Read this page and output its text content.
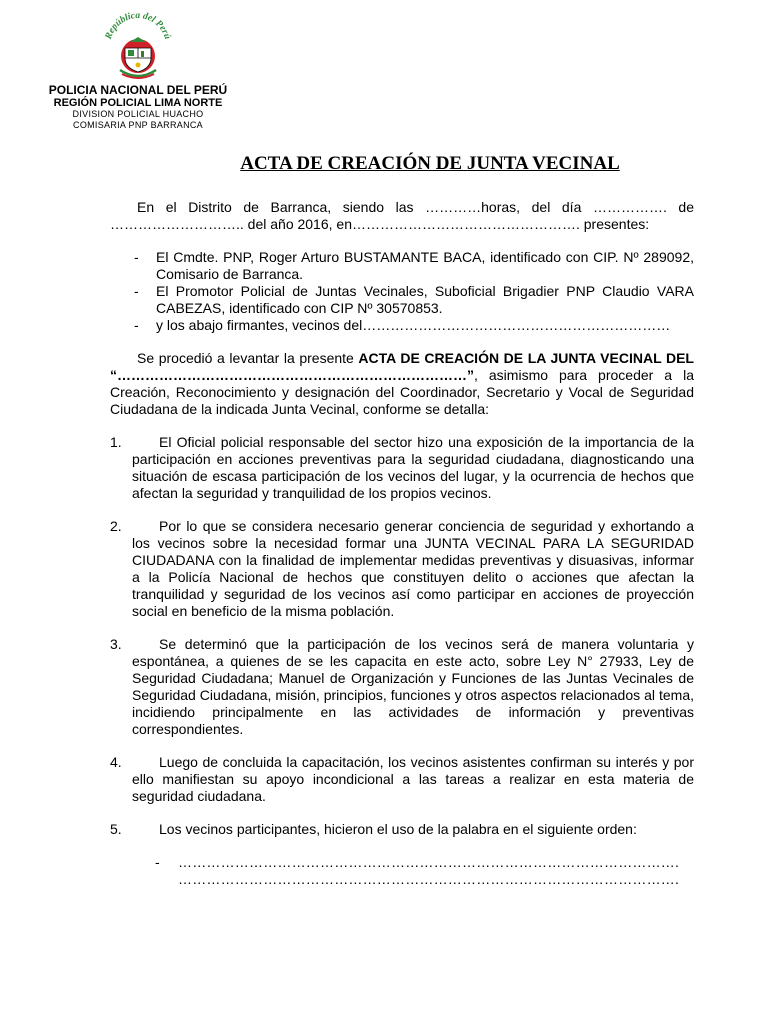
República del Perú
POLICIA NACIONAL DEL PERÚ
REGIÓN POLICIAL LIMA NORTE
DIVISION POLICIAL HUACHO
COMISARIA PNP BARRANCA
ACTA DE CREACIÓN DE JUNTA VECINAL

En el Distrito de Barranca, siendo las …………horas, del día ……………. de ……………………….. del año 2016, en…………………………………………. presentes:

- El Cmdte. PNP, Roger Arturo BUSTAMANTE BACA, identificado con CIP. Nº 289092, Comisario de Barranca.
- El Promotor Policial de Juntas Vecinales, Suboficial Brigadier PNP Claudio VARA CABEZAS, identificado con CIP Nº 30570853.
- y los abajo firmantes, vecinos del…………………………………………………………

Se procedió a levantar la presente ACTA DE CREACIÓN DE LA JUNTA VECINAL DEL “…………………………………………………………………”, asimismo para proceder a la Creación, Reconocimiento y designación del Coordinador, Secretario y Vocal de Seguridad Ciudadana de la indicada Junta Vecinal, conforme se detalla:

1.	El Oficial policial responsable del sector hizo una exposición de la importancia de la participación en acciones preventivas para la seguridad ciudadana, diagnosticando una situación de escasa participación de los vecinos del lugar, y la ocurrencia de hechos que afectan la seguridad y tranquilidad de los propios vecinos.
2.	Por lo que se considera necesario generar conciencia de seguridad y exhortando a los vecinos sobre la necesidad formar una JUNTA VECINAL PARA LA SEGURIDAD CIUDADANA con la finalidad de implementar medidas preventivas y disuasivas, informar a la Policía Nacional de hechos que constituyen delito o acciones que afectan la tranquilidad y seguridad de los vecinos así como participar en acciones de proyección social en beneficio de la misma población.
3.	Se determinó que la participación de los vecinos será de manera voluntaria y espontánea, a quienes de se les capacita en este acto, sobre Ley N° 27933, Ley de Seguridad Ciudadana; Manuel de Organización y Funciones de las Juntas Vecinales de Seguridad Ciudadana, misión, principios, funciones y otros aspectos relacionados al tema, incidiendo principalmente en las actividades de información y preventivas correspondientes.
4.	Luego de concluida la capacitación, los vecinos asistentes confirman su interés y por ello manifiestan su apoyo incondicional a las tareas a realizar en esta materia de seguridad ciudadana.
5.	Los vecinos participantes, hicieron el uso de la palabra en el siguiente orden:
-	…………………………………………………………………………………………….
…………………………………………………………………………………………….
